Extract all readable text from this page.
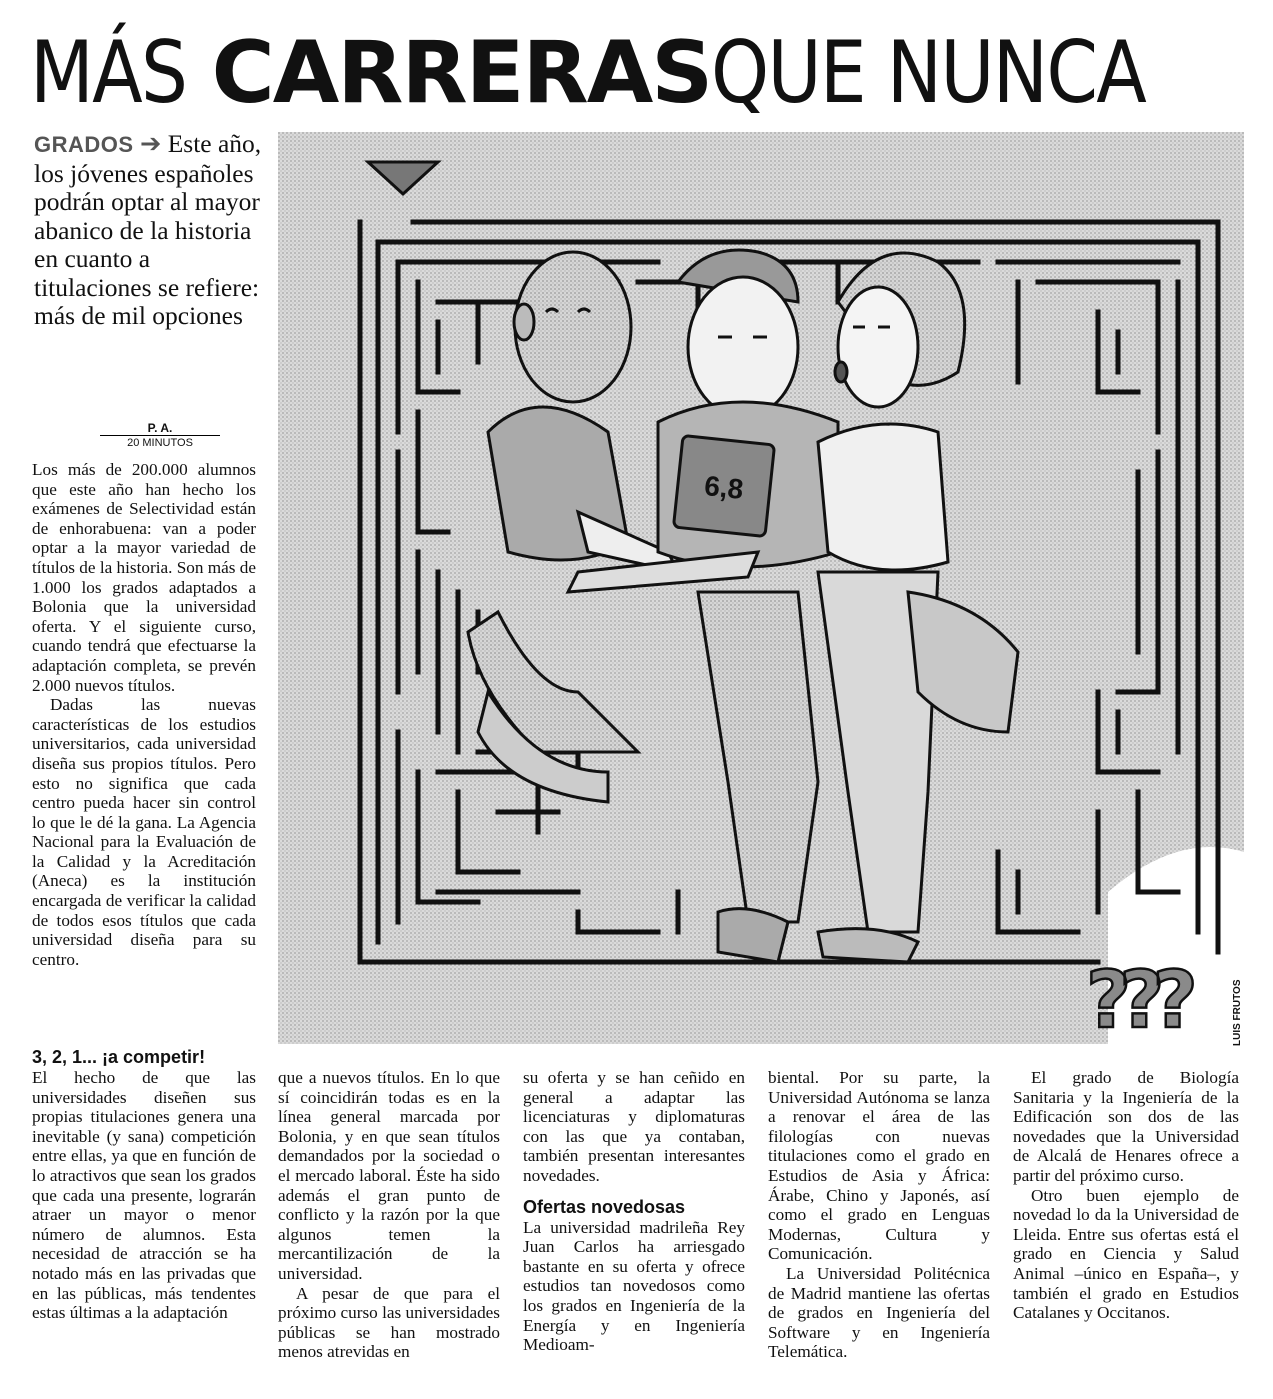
MÁSCARRERASQUE NUNCA
GRADOS ➔ Este año, los jóvenes españoles podrán optar al mayor abanico de la historia en cuanto a titulaciones se refiere: más de mil opciones
P. A.
20 MINUTOS

Los más de 200.000 alumnos que este año han hecho los exámenes de Selectividad están de enhorabuena: van a poder optar a la mayor variedad de títulos de la historia. Son más de 1.000 los grados adaptados a Bolonia que la universidad oferta. Y el siguiente curso, cuando tendrá que efectuarse la adaptación completa, se prevén 2.000 nuevos títulos.

Dadas las nuevas características de los estudios universitarios, cada universidad diseña sus propios títulos. Pero esto no significa que cada centro pueda hacer sin control lo que le dé la gana. La Agencia Nacional para la Evaluación de la Calidad y la Acreditación (Aneca) es la institución encargada de verificar la calidad de todos esos títulos que cada universidad diseña para su centro.

3, 2, 1... ¡a competir!

El hecho de que las universidades diseñen sus propias titulaciones genera una inevitable (y sana) competición entre ellas, ya que en función de lo atractivos que sean los grados que cada una presente, lograrán atraer un mayor o menor número de alumnos. Esta necesidad de atracción se ha notado más en las privadas que en las públicas, más tendentes estas últimas a la adaptación

que a nuevos títulos. En lo que sí coincidirán todas es en la línea general marcada por Bolonia, y en que sean títulos demandados por la sociedad o el mercado laboral. Éste ha sido además el gran punto de conflicto y la razón por la que algunos temen la mercantilización de la universidad.

A pesar de que para el próximo curso las universidades públicas se han mostrado menos atrevidas en

su oferta y se han ceñido en general a adaptar las licenciaturas y diplomaturas con las que ya contaban, también presentan interesantes novedades.

Ofertas novedosas

La universidad madrileña Rey Juan Carlos ha arriesgado bastante en su oferta y ofrece estudios tan novedosos como los grados en Ingeniería de la Energía y en Ingeniería Medioam-

biental. Por su parte, la Universidad Autónoma se lanza a renovar el área de las filologías con nuevas titulaciones como el grado en Estudios de Asia y África: Árabe, Chino y Japonés, así como el grado en Lenguas Modernas, Cultura y Comunicación.

La Universidad Politécnica de Madrid mantiene las ofertas de grados en Ingeniería del Software y en Ingeniería Telemática.

El grado de Biología Sanitaria y la Ingeniería de la Edificación son dos de las novedades que la Universidad de Alcalá de Henares ofrece a partir del próximo curso.

Otro buen ejemplo de novedad lo da la Universidad de Lleida. Entre sus ofertas está el grado en Ciencia y Salud Animal –único en España–, y también el grado en Estudios Catalanes y Occitanos.

6,8
???	LUIS FRUTOS
